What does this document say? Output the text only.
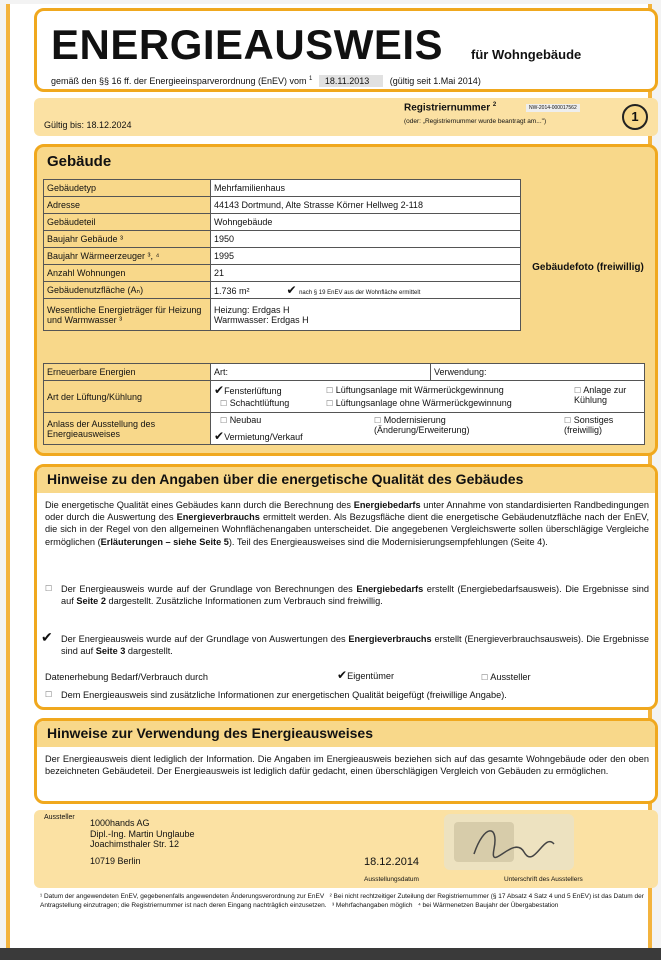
ENERGIEAUSWEIS für Wohngebäude
gemäß den §§ 16 ff. der Energieeinsparverordnung (EnEV) vom $^1$ 18.11.2013 (gültig seit 1.Mai 2014)
Gültig bis: 18.12.2024
Registriernummer $^2$	NW-2014-000017562
(oder: „Registriernummer wurde beantragt am...")	1
Gebäude
Gebäudetyp	Mehrfamilienhaus
Adresse	44143 Dortmund, Alte Strasse Körner Hellweg 2-118
Gebäudeteil	Wohngebäude
Baujahr Gebäude ³	1950
Baujahr Wärmeerzeuger ³, ⁴	1995
Anzahl Wohnungen	21
Gebäudenutzfläche (Aₙ)	1.736 m² ✔ nach § 19 EnEV aus der Wohnfläche ermittelt
Wesentliche Energieträger für Heizung und Warmwasser ³	Heizung: Erdgas H
Warmwasser: Erdgas H
Gebäudefoto (freiwillig)
Erneuerbare Energien	Art:	Verwendung:
Art der Lüftung/Kühlung	✔Fensterlüftung ☐ Lüftungsanlage mit Wärmerückgewinnung ☐ Anlage zur Kühlung
☐ Schachtlüftung ☐ Lüftungsanlage ohne Wärmerückgewinnung	

Anlass der Ausstellung des Energieausweises	☐ Neubau ☐ Modernisierung (Änderung/Erweiterung)
☐ Sonstiges (freiwillig)
✔Vermietung/Verkauf	
Hinweise zu den Angaben über die energetische Qualität des Gebäudes
Die energetische Qualität eines Gebäudes kann durch die Berechnung des Energiebedarfs unter Annahme von standardisierten Randbedingungen oder durch die Auswertung des Energieverbrauchs ermittelt werden. Als Bezugsfläche dient die energetische Gebäudenutzfläche nach der EnEV, die sich in der Regel von den allgemeinen Wohnflächenangaben unterscheidet. Die angegebenen Vergleichswerte sollen überschlägige Vergleiche ermöglichen (Erläuterungen – siehe Seite 5). Teil des Energieausweises sind die Modernisierungsempfehlungen (Seite 4).
☐ Der Energieausweis wurde auf der Grundlage von Berechnungen des Energiebedarfs erstellt (Energiebedarfsausweis). Die Ergebnisse sind auf Seite 2 dargestellt. Zusätzliche Informationen zum Verbrauch sind freiwillig.
✔ Der Energieausweis wurde auf der Grundlage von Auswertungen des Energieverbrauchs erstellt (Energieverbrauchsausweis). Die Ergebnisse sind auf Seite 3 dargestellt.
Datenerhebung Bedarf/Verbrauch durch	✔Eigentümer	☐ Aussteller
☐ Dem Energieausweis sind zusätzliche Informationen zur energetischen Qualität beigefügt (freiwillige Angabe).
Hinweise zur Verwendung des Energieausweises
Der Energieausweis dient lediglich der Information. Die Angaben im Energieausweis beziehen sich auf das gesamte Wohngebäude oder den oben bezeichneten Gebäudeteil. Der Energieausweis ist lediglich dafür gedacht, einen überschlägigen Vergleich von Gebäuden zu ermöglichen.
Aussteller
1000hands AG
Dipl.-Ing. Martin Unglaube
Joachimsthaler Str. 12
10719 Berlin	18.12.2014
Ausstellungsdatum	Unterschrift des Ausstellers
¹ Datum der angewendeten EnEV, gegebenenfalls angewendeten Änderungsverordnung zur EnEV ² Bei nicht rechtzeitiger Zuteilung der Registriernummer (§ 17 Absatz 4 Satz 4 und 5 EnEV) ist das Datum der Antragstellung einzutragen; die Registriernummer ist nach deren Eingang nachträglich einzusetzen. ³ Mehrfachangaben möglich ⁴ bei Wärmenetzen Baujahr der Übergabestation
